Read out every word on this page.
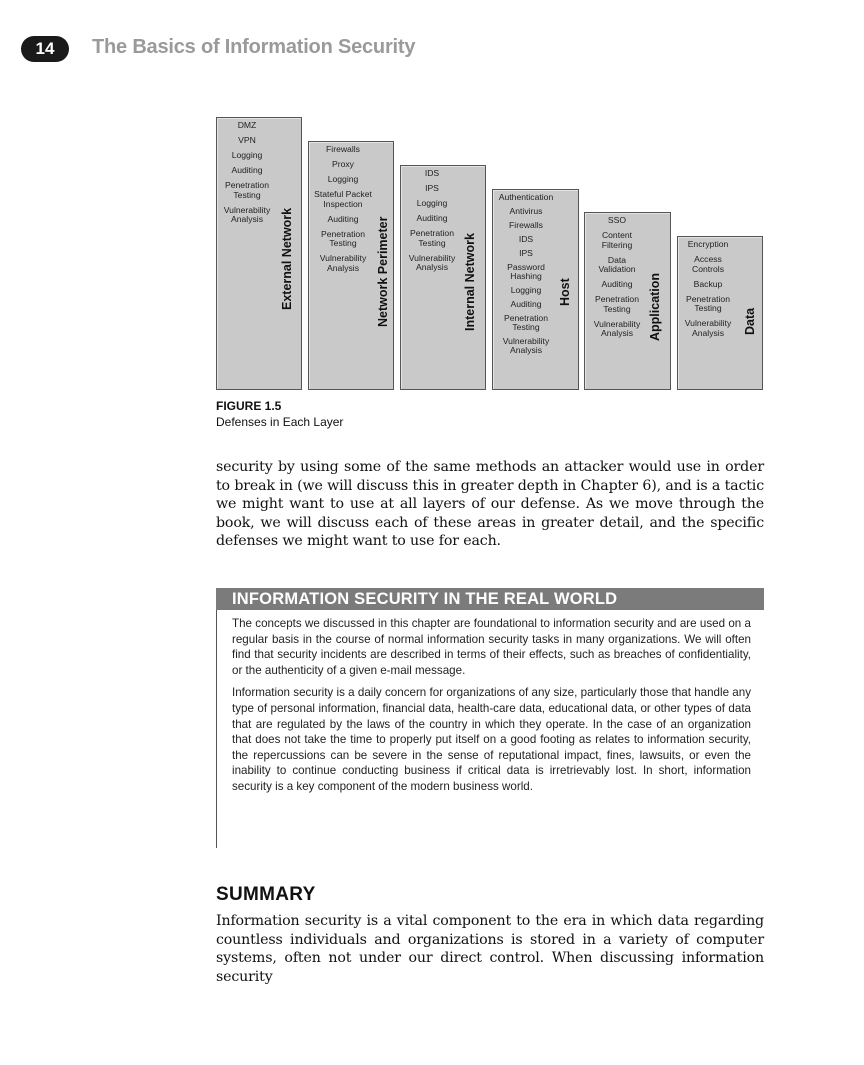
14 The Basics of Information Security
DMZ
VPN
Logging
Auditing
Penetration
Testing
Vulnerability
Analysis	External Network
Firewalls
Proxy
Logging
Stateful Packet
Inspection
Auditing
Penetration
Testing
Vulnerability
Analysis	Network Perimeter
IDS
IPS
Logging
Auditing
Penetration
Testing
Vulnerability
Analysis	Internal Network
Authentication
Antivirus
Firewalls
IDS
IPS
Password
Hashing
Logging
Auditing
Penetration
Testing
Vulnerability
Analysis
Host
SSO
Content
Filtering
Data
Validation
Auditing
Penetration
Testing
Vulnerability
Analysis	Application
Encryption
Access
Controls
Backup
Penetration
Testing
Vulnerability
Analysis	Data
FIGURE 1.5
Defenses in Each Layer

security by using some of the same methods an attacker would use in order to break in (we will discuss this in greater depth in Chapter 6), and is a tactic we might want to use at all layers of our defense. As we move through the book, we will discuss each of these areas in greater detail, and the specific defenses we might want to use for each.

INFORMATION SECURITY IN THE REAL WORLD

The concepts we discussed in this chapter are foundational to information security and are used on a regular basis in the course of normal information security tasks in many organizations. We will often find that security incidents are described in terms of their effects, such as breaches of confidentiality, or the authenticity of a given e-mail message.

Information security is a daily concern for organizations of any size, particularly those that handle any type of personal information, financial data, health-care data, educational data, or other types of data that are regulated by the laws of the country in which they operate. In the case of an organization that does not take the time to properly put itself on a good footing as relates to information security, the repercussions can be severe in the sense of reputational impact, fines, lawsuits, or even the inability to continue conducting business if critical data is irretrievably lost. In short, information security is a key component of the modern business world.

SUMMARY

Information security is a vital component to the era in which data regarding countless individuals and organizations is stored in a variety of computer systems, often not under our direct control. When discussing information security
